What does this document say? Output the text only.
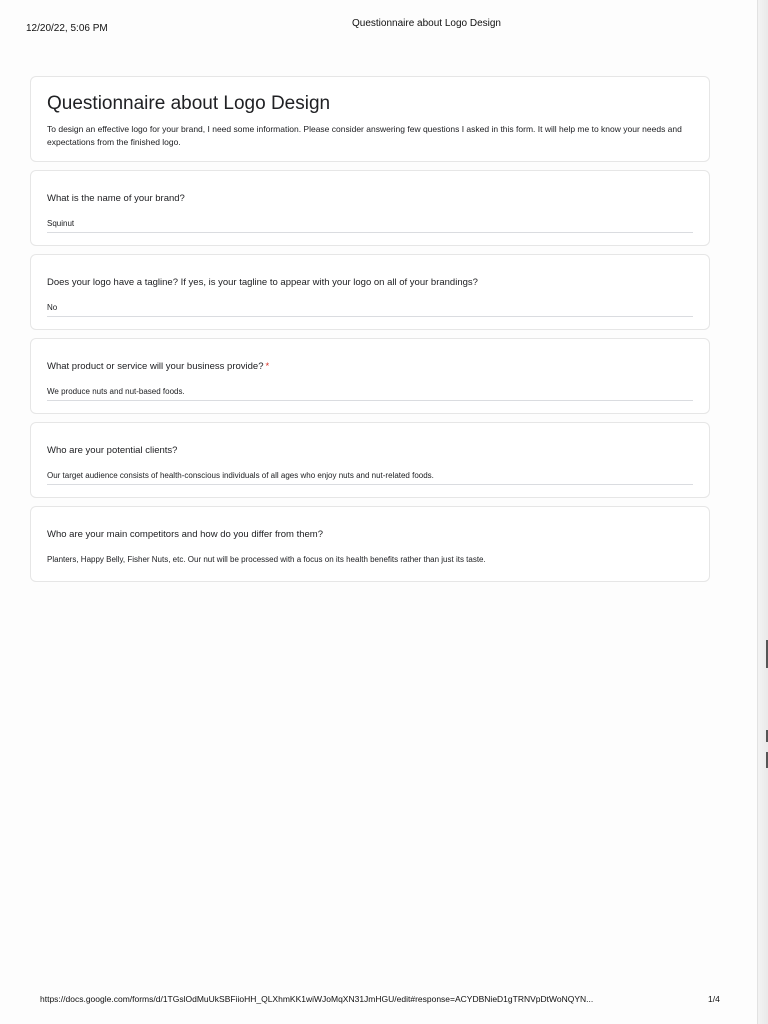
12/20/22, 5:06 PM	Questionnaire about Logo Design
Questionnaire about Logo Design
To design an effective logo for your brand, I need some information. Please consider answering few questions I asked in this form. It will help me to know your needs and expectations from the finished logo.
What is the name of your brand?
Squinut
Does your logo have a tagline? If yes, is your tagline to appear with your logo on all of your brandings?
No
What product or service will your business provide? *
We produce nuts and nut-based foods.
Who are your potential clients?
Our target audience consists of health-conscious individuals of all ages who enjoy nuts and nut-related foods.
Who are your main competitors and how do you differ from them?
Planters, Happy Belly, Fisher Nuts, etc. Our nut will be processed with a focus on its health benefits rather than just its taste.
https://docs.google.com/forms/d/1TGslOdMuUkSBFiioHH_QLXhmKK1wiWJoMqXN31JmHGU/edit#response=ACYDBNieD1gTRNVpDtWoNQYN...	1/4
